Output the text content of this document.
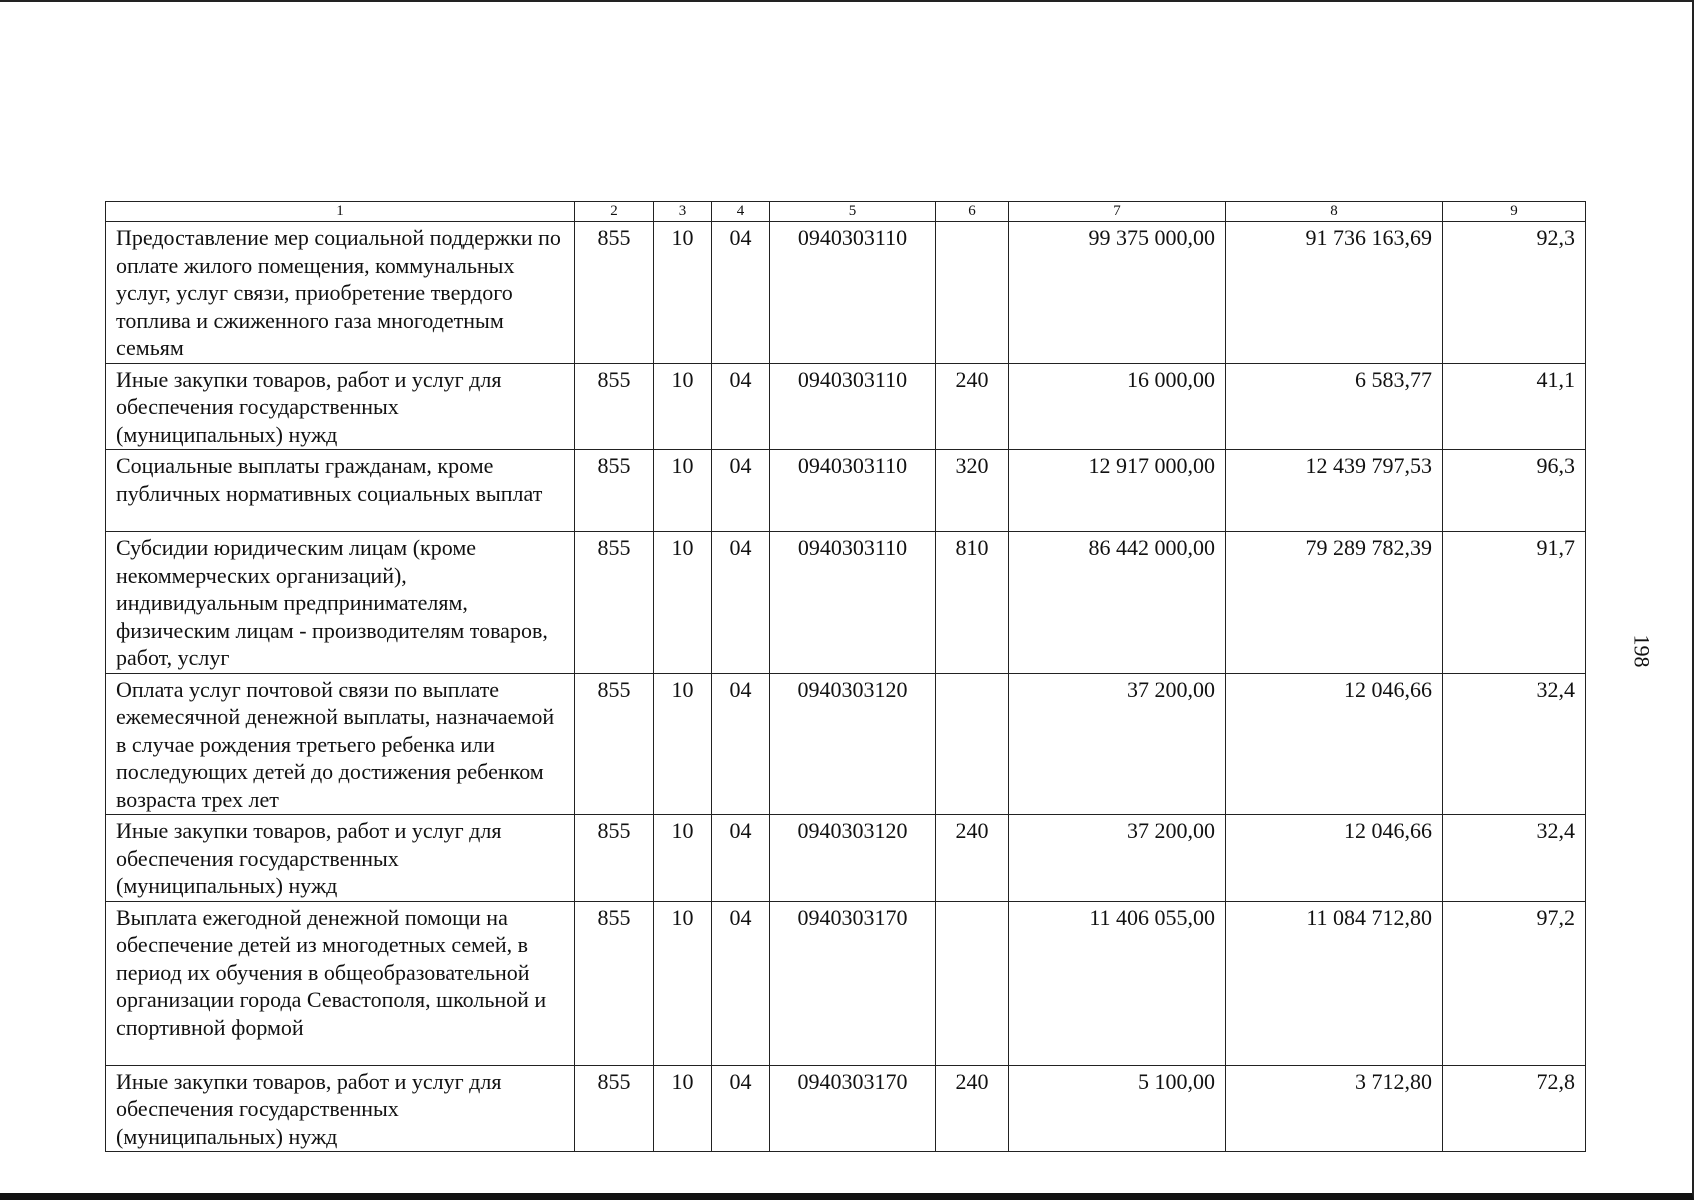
1	2	3	4	5	6	7	8	9
Предоставление мер социальной поддержки по оплате жилого помещения, коммунальных услуг, услуг связи, приобретение твердого топлива и сжиженного газа многодетным семьям	855	10	04	0940303110		99 375 000,00	91 736 163,69	92,3
Иные закупки товаров, работ и услуг для обеспечения государственных (муниципальных) нужд	855	10	04	0940303110	240	16 000,00	6 583,77	41,1
Социальные выплаты гражданам, кроме публичных нормативных социальных выплат	855	10	04	0940303110	320	12 917 000,00	12 439 797,53	96,3
Субсидии юридическим лицам (кроме некоммерческих организаций), индивидуальным предпринимателям, физическим лицам - производителям товаров, работ, услуг	855	10	04	0940303110	810	86 442 000,00	79 289 782,39	91,7
Оплата услуг почтовой связи по выплате ежемесячной денежной выплаты, назначаемой в случае рождения третьего ребенка или последующих детей до достижения ребенком возраста трех лет	855	10	04	0940303120		37 200,00	12 046,66	32,4
Иные закупки товаров, работ и услуг для обеспечения государственных (муниципальных) нужд	855	10	04	0940303120	240	37 200,00	12 046,66	32,4
Выплата ежегодной денежной помощи на обеспечение детей из многодетных семей, в период их обучения в общеобразовательной организации города Севастополя, школьной и спортивной формой	855	10	04	0940303170		11 406 055,00	11 084 712,80	97,2
Иные закупки товаров, работ и услуг для обеспечения государственных (муниципальных) нужд	855	10	04	0940303170	240	5 100,00	3 712,80	72,8
198
